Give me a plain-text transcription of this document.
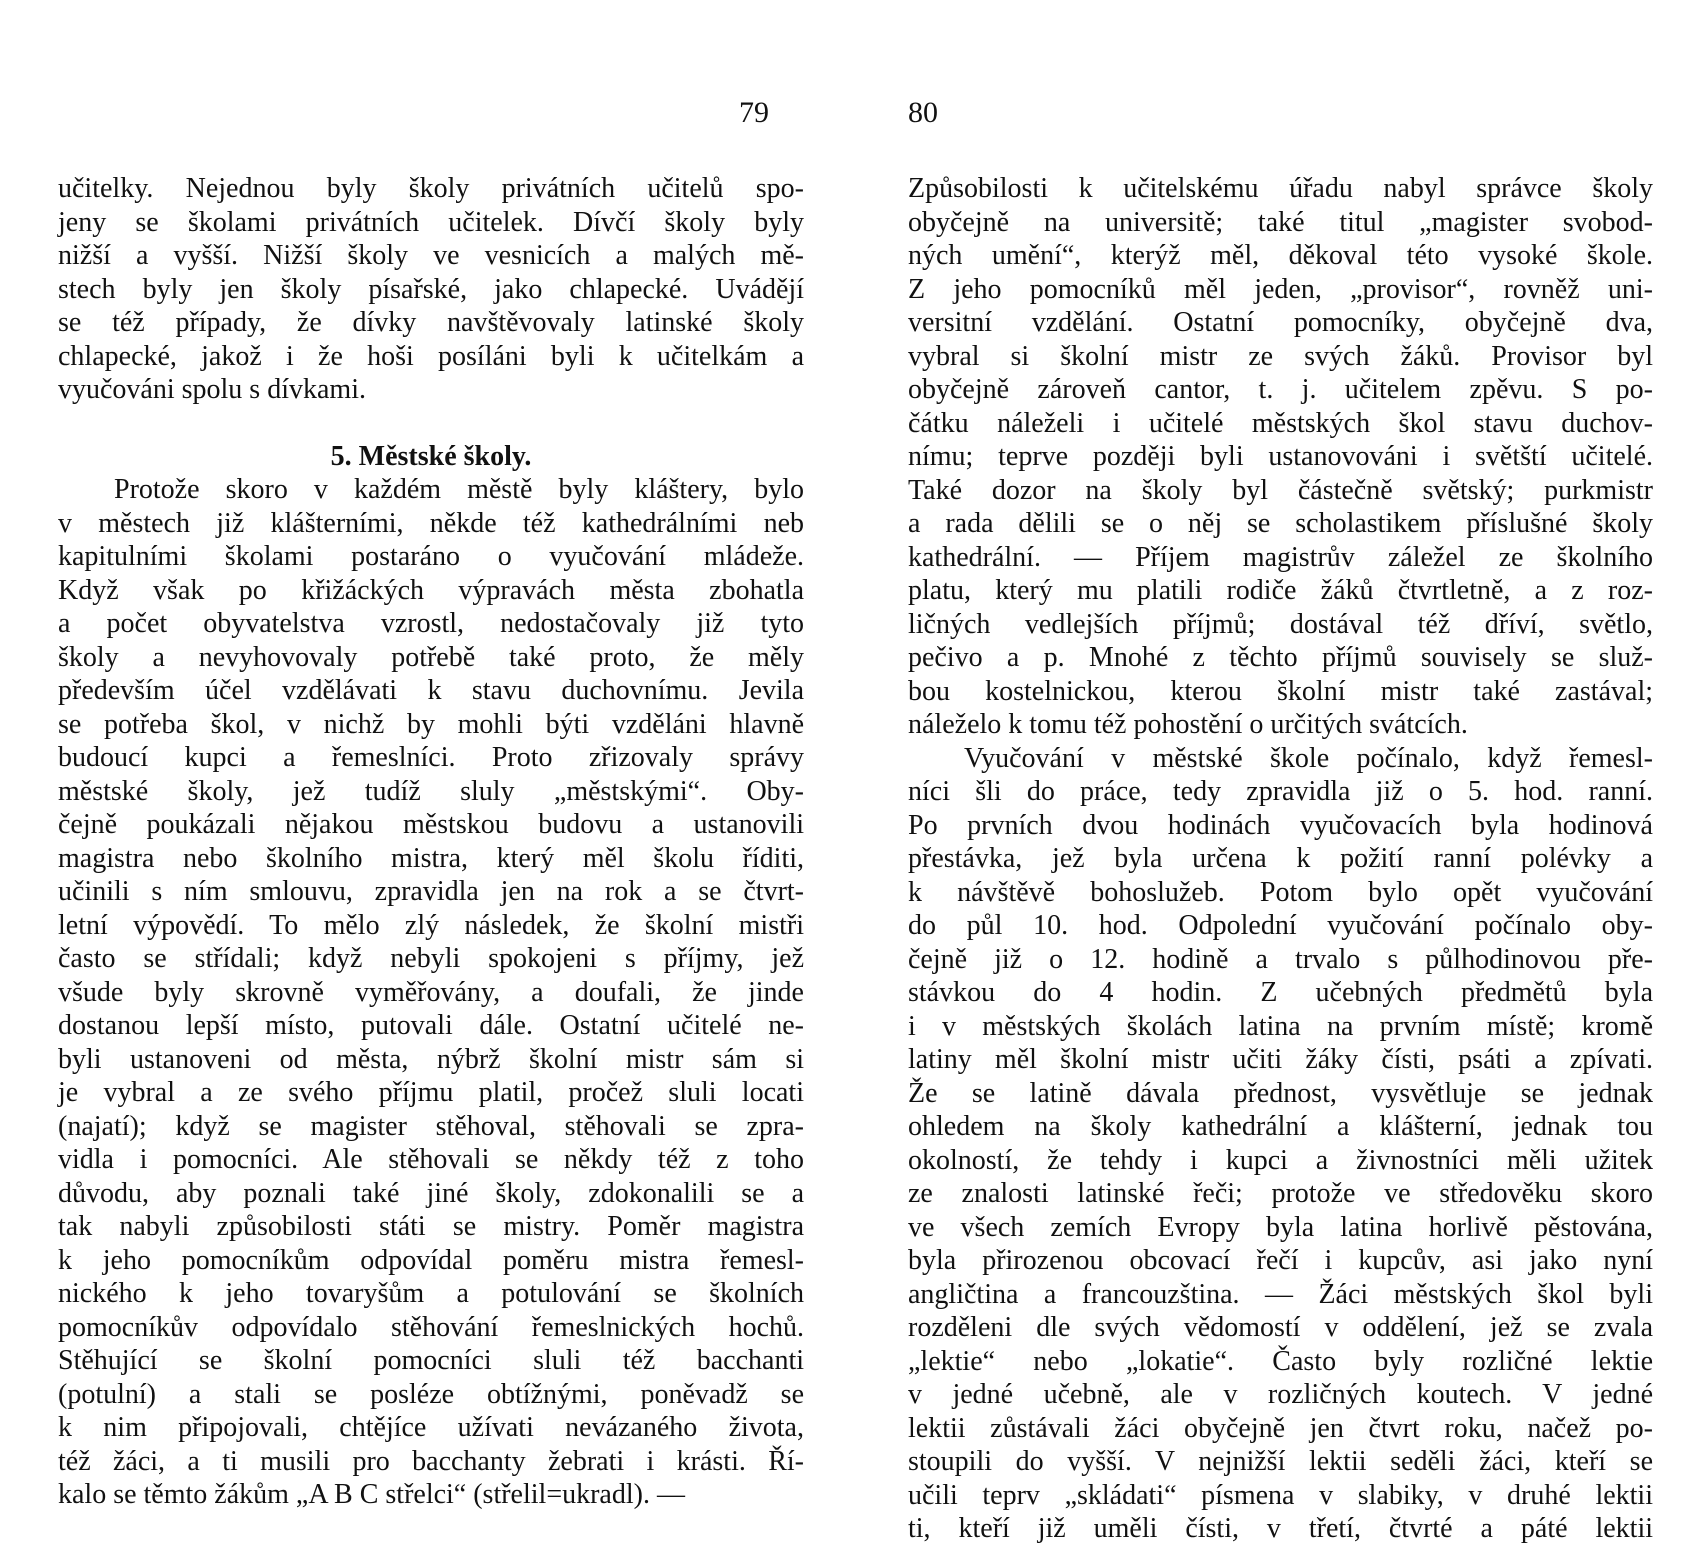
79	80
učitelky. Nejednou byly školy privátních učitelů spo-
jeny se školami privátních učitelek. Dívčí školy byly
nižší a vyšší. Nižší školy ve vesnicích a malých mě-
stech byly jen školy písařské, jako chlapecké. Uvádějí
se též případy, že dívky navštěvovaly latinské školy
chlapecké, jakož i že hoši posíláni byli k učitelkám a
vyučováni spolu s dívkami.
5. Městské školy.
Protože skoro v každém městě byly kláštery, bylo
v městech již klášterními, někde též kathedrálními neb
kapitulními školami postaráno o vyučování mládeže.
Když však po křižáckých výpravách města zbohatla
a počet obyvatelstva vzrostl, nedostačovaly již tyto
školy a nevyhovovaly potřebě také proto, že měly
především účel vzdělávati k stavu duchovnímu. Jevila
se potřeba škol, v nichž by mohli býti vzděláni hlavně
budoucí kupci a řemeslníci. Proto zřizovaly správy
městské školy, jež tudíž sluly „městskými“. Oby-
čejně poukázali nějakou městskou budovu a ustanovili
magistra nebo školního mistra, který měl školu říditi,
učinili s ním smlouvu, zpravidla jen na rok a se čtvrt-
letní výpovědí. To mělo zlý následek, že školní mistři
často se střídali; když nebyli spokojeni s příjmy, jež
všude byly skrovně vyměřovány, a doufali, že jinde
dostanou lepší místo, putovali dále. Ostatní učitelé ne-
byli ustanoveni od města, nýbrž školní mistr sám si
je vybral a ze svého příjmu platil, pročež sluli locati
(najatí); když se magister stěhoval, stěhovali se zpra-
vidla i pomocníci. Ale stěhovali se někdy též z toho
důvodu, aby poznali také jiné školy, zdokonalili se a
tak nabyli způsobilosti státi se mistry. Poměr magistra
k jeho pomocníkům odpovídal poměru mistra řemesl-
nického k jeho tovaryšům a potulování se školních
pomocníkův odpovídalo stěhování řemeslnických hochů.
Stěhující se školní pomocníci sluli též bacchanti
(potulní) a stali se posléze obtížnými, poněvadž se
k nim připojovali, chtějíce užívati nevázaného života,
též žáci, a ti musili pro bacchanty žebrati i krásti. Ří-
kalo se těmto žákům „A B C střelci“ (střelil=ukradl). —
Způsobilosti k učitelskému úřadu nabyl správce školy
obyčejně na universitě; také titul „magister svobod-
ných umění“, kterýž měl, děkoval této vysoké škole.
Z jeho pomocníků měl jeden, „provisor“, rovněž uni-
versitní vzdělání. Ostatní pomocníky, obyčejně dva,
vybral si školní mistr ze svých žáků. Provisor byl
obyčejně zároveň cantor, t. j. učitelem zpěvu. S po-
čátku náleželi i učitelé městských škol stavu duchov-
nímu; teprve později byli ustanovováni i světští učitelé.
Také dozor na školy byl částečně světský; purkmistr
a rada dělili se o něj se scholastikem příslušné školy
kathedrální. — Příjem magistrův záležel ze školního
platu, který mu platili rodiče žáků čtvrtletně, a z roz-
ličných vedlejších příjmů; dostával též dříví, světlo,
pečivo a p. Mnohé z těchto příjmů souvisely se služ-
bou kostelnickou, kterou školní mistr také zastával;
náleželo k tomu též pohostění o určitých svátcích.
Vyučování v městské škole počínalo, když řemesl-
níci šli do práce, tedy zpravidla již o 5. hod. ranní.
Po prvních dvou hodinách vyučovacích byla hodinová
přestávka, jež byla určena k požití ranní polévky a
k návštěvě bohoslužeb. Potom bylo opět vyučování
do půl 10. hod. Odpolední vyučování počínalo oby-
čejně již o 12. hodině a trvalo s půlhodinovou pře-
stávkou do 4 hodin. Z učebných předmětů byla
i v městských školách latina na prvním místě; kromě
latiny měl školní mistr učiti žáky čísti, psáti a zpívati.
Že se latině dávala přednost, vysvětluje se jednak
ohledem na školy kathedrální a klášterní, jednak tou
okolností, že tehdy i kupci a živnostníci měli užitek
ze znalosti latinské řeči; protože ve středověku skoro
ve všech zemích Evropy byla latina horlivě pěstována,
byla přirozenou obcovací řečí i kupcův, asi jako nyní
angličtina a francouzština. — Žáci městských škol byli
rozděleni dle svých vědomostí v oddělení, jež se zvala
„lektie“ nebo „lokatie“. Často byly rozličné lektie
v jedné učebně, ale v rozličných koutech. V jedné
lektii zůstávali žáci obyčejně jen čtvrt roku, načež po-
stoupili do vyšší. V nejnižší lektii seděli žáci, kteří se
učili teprv „skládati“ písmena v slabiky, v druhé lektii
ti, kteří již uměli čísti, v třetí, čtvrté a páté lektii
